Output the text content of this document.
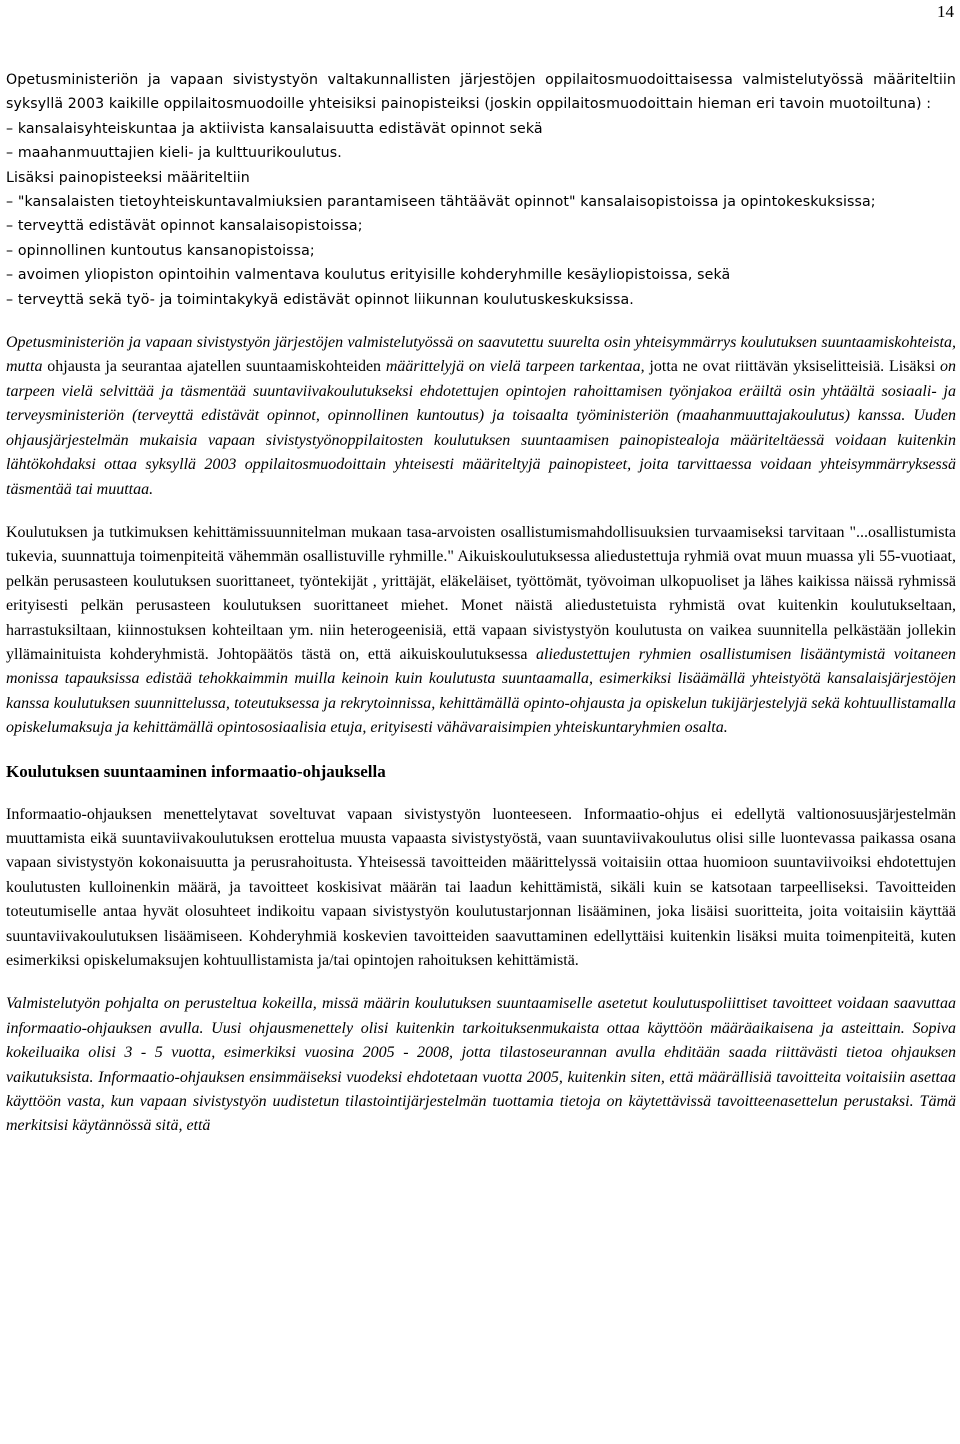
14

Opetusministeriön ja vapaan sivistystyön valtakunnallisten järjestöjen oppilaitosmuodoittaisessa valmistelutyössä määriteltiin syksyllä 2003 kaikille oppilaitosmuodoille yhteisiksi painopisteiksi (joskin oppilaitosmuodoittain hieman eri tavoin muotoiltuna) :

– kansalaisyhteiskuntaa ja aktiivista kansalaisuutta edistävät opinnot sekä
– maahanmuuttajien kieli- ja kulttuurikoulutus.
Lisäksi painopisteeksi määriteltiin
– "kansalaisten tietoyhteiskuntavalmiuksien parantamiseen tähtäävät opinnot" kansalaisopistoissa ja opintokeskuksissa;
– terveyttä edistävät opinnot kansalaisopistoissa;
– opinnollinen kuntoutus kansanopistoissa;
– avoimen yliopiston opintoihin valmentava koulutus erityisille kohderyhmille kesäyliopistoissa, sekä
– terveyttä sekä työ- ja toimintakykyä edistävät opinnot liikunnan koulutuskeskuksissa.

Opetusministeriön ja vapaan sivistystyön järjestöjen valmistelutyössä on saavutettu suurelta osin yhteisymmärrys koulutuksen suuntaamiskohteista, mutta ohjausta ja seurantaa ajatellen suuntaamiskohteiden määrittelyjä on vielä tarpeen tarkentaa, jotta ne ovat riittävän yksiselitteisiä. Lisäksi on tarpeen vielä selvittää ja täsmentää suuntaviivakoulutukseksi ehdotettujen opintojen rahoittamisen työnjakoa eräiltä osin yhtäältä sosiaali- ja terveysministeriön (terveyttä edistävät opinnot, opinnollinen kuntoutus) ja toisaalta työministeriön (maahanmuuttajakoulutus) kanssa. Uuden ohjausjärjestelmän mukaisia vapaan sivistystyönoppilaitosten koulutuksen suuntaamisen painopistealoja määriteltäessä voidaan kuitenkin lähtökohdaksi ottaa syksyllä 2003 oppilaitosmuodoittain yhteisesti määriteltyjä painopisteet, joita tarvittaessa voidaan yhteisymmärryksessä täsmentää tai muuttaa.

Koulutuksen ja tutkimuksen kehittämissuunnitelman mukaan tasa-arvoisten osallistumismahdollisuuksien turvaamiseksi tarvitaan "...osallistumista tukevia, suunnattuja toimenpiteitä vähemmän osallistuville ryhmille." Aikuiskoulutuksessa aliedustettuja ryhmiä ovat muun muassa yli 55-vuotiaat, pelkän perusasteen koulutuksen suorittaneet, työntekijät , yrittäjät, eläkeläiset, työttömät, työvoiman ulkopuoliset ja lähes kaikissa näissä ryhmissä erityisesti pelkän perusasteen koulutuksen suorittaneet miehet. Monet näistä aliedustetuista ryhmistä ovat kuitenkin koulutukseltaan, harrastuksiltaan, kiinnostuksen kohteiltaan ym. niin heterogeenisiä, että vapaan sivistystyön koulutusta on vaikea suunnitella pelkästään jollekin yllämainituista kohderyhmistä. Johtopäätös tästä on, että aikuiskoulutuksessa aliedustettujen ryhmien osallistumisen lisääntymistä voitaneen monissa tapauksissa edistää tehokkaimmin muilla keinoin kuin koulutusta suuntaamalla, esimerkiksi lisäämällä yhteistyötä kansalaisjärjestöjen kanssa koulutuksen suunnittelussa, toteutuksessa ja rekrytoinnissa, kehittämällä opinto-ohjausta ja opiskelun tukijärjestelyjä sekä kohtuullistamalla opiskelumaksuja ja kehittämällä opintososiaalisia etuja, erityisesti vähävaraisimpien yhteiskuntaryhmien osalta.

Koulutuksen suuntaaminen informaatio-ohjauksella

Informaatio-ohjauksen menettelytavat soveltuvat vapaan sivistystyön luonteeseen. Informaatio-ohjus ei edellytä valtionosuusjärjestelmän muuttamista eikä suuntaviivakoulutuksen erottelua muusta vapaasta sivistystyöstä, vaan suuntaviivakoulutus olisi sille luontevassa paikassa osana vapaan sivistystyön kokonaisuutta ja perusrahoitusta. Yhteisessä tavoitteiden määrittelyssä voitaisiin ottaa huomioon suuntaviivoiksi ehdotettujen koulutusten kulloinenkin määrä, ja tavoitteet koskisivat määrän tai laadun kehittämistä, sikäli kuin se katsotaan tarpeelliseksi. Tavoitteiden toteutumiselle antaa hyvät olosuhteet indikoitu vapaan sivistystyön koulutustarjonnan lisääminen, joka lisäisi suoritteita, joita voitaisiin käyttää suuntaviivakoulutuksen lisäämiseen. Kohderyhmiä koskevien tavoitteiden saavuttaminen edellyttäisi kuitenkin lisäksi muita toimenpiteitä, kuten esimerkiksi opiskelumaksujen kohtuullistamista ja/tai opintojen rahoituksen kehittämistä.

Valmistelutyön pohjalta on perusteltua kokeilla, missä määrin koulutuksen suuntaamiselle asetetut koulutuspoliittiset tavoitteet voidaan saavuttaa informaatio-ohjauksen avulla. Uusi ohjausmenettely olisi kuitenkin tarkoituksenmukaista ottaa käyttöön määräaikaisena ja asteittain. Sopiva kokeiluaika olisi 3 - 5 vuotta, esimerkiksi vuosina 2005 - 2008, jotta tilastoseurannan avulla ehditään saada riittävästi tietoa ohjauksen vaikutuksista. Informaatio-ohjauksen ensimmäiseksi vuodeksi ehdotetaan vuotta 2005, kuitenkin siten, että määrällisiä tavoitteita voitaisiin asettaa käyttöön vasta, kun vapaan sivistystyön uudistetun tilastointijärjestelmän tuottamia tietoja on käytettävissä tavoitteenasettelun perustaksi. Tämä merkitsisi käytännössä sitä, että
